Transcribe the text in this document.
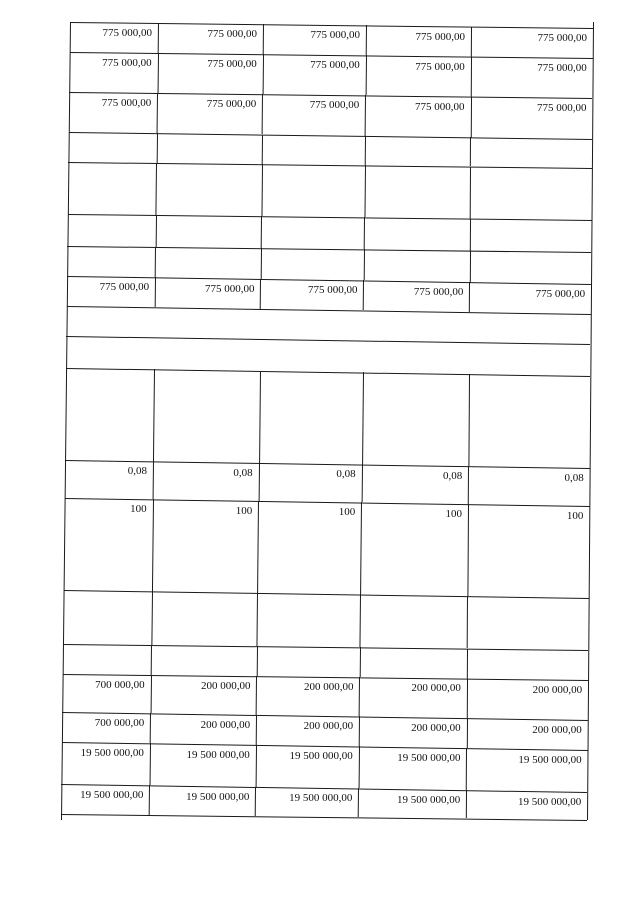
775 000,00	775 000,00	775 000,00	775 000,00	775 000,00
775 000,00	775 000,00	775 000,00	775 000,00	775 000,00
775 000,00	775 000,00	775 000,00	775 000,00	775 000,00
775 000,00	775 000,00	775 000,00	775 000,00	775 000,00
0,08	0,08	0,08	0,08	0,08
100	100	100	100	100
700 000,00	200 000,00	200 000,00	200 000,00	200 000,00
700 000,00	200 000,00	200 000,00	200 000,00	200 000,00
19 500 000,00	19 500 000,00	19 500 000,00	19 500 000,00	19 500 000,00
19 500 000,00	19 500 000,00	19 500 000,00	19 500 000,00	19 500 000,00
